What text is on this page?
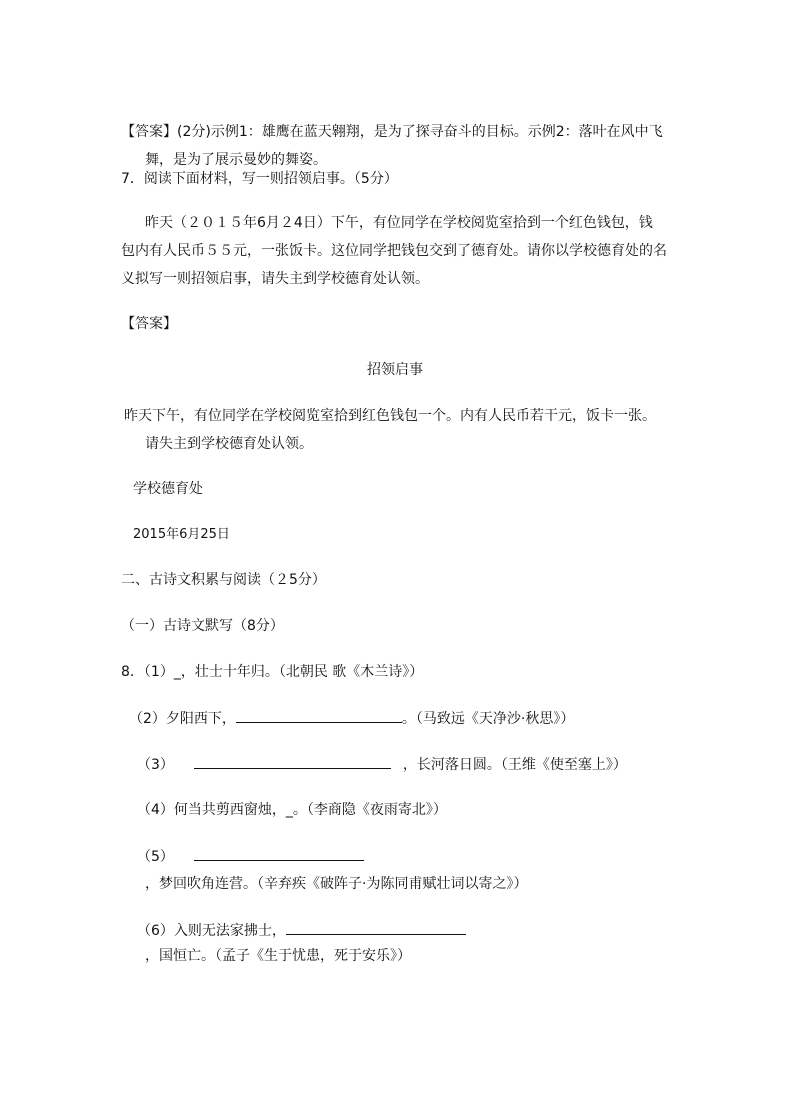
【答案】(2分)示例1：雄鹰在蓝天翱翔，是为了探寻奋斗的目标。示例2：落叶在风中飞
舞，是为了展示曼妙的舞姿。
7．阅读下面材料，写一则招领启事。（5分）
昨天（２０１５年6月２4日）下午，有位同学在学校阅览室拾到一个红色钱包，钱
包内有人民币５５元，一张饭卡。这位同学把钱包交到了德育处。请你以学校德育处的名
义拟写一则招领启事，请失主到学校德育处认领。
【答案】
招领启事
昨天下午，有位同学在学校阅览室拾到红色钱包一个。内有人民币若干元，饭卡一张。
请失主到学校德育处认领。
学校德育处
2015年6月25日
二、古诗文积累与阅读（２5分）
（一）古诗文默写（8分）
8．（1）_，壮士十年归。（北朝民 歌《木兰诗》）
（2）夕阳西下，	。（马致远《天净沙·秋思》）
（3）	，长河落日圆。（王维《使至塞上》）
（4）何当共剪西窗烛，_。（李商隐《夜雨寄北》）
（5）
，梦回吹角连营。（辛弃疾《破阵子·为陈同甫赋壮词以寄之》）
（6）入则无法家拂士，
，国恒亡。（孟子《生于忧患，死于安乐》）
